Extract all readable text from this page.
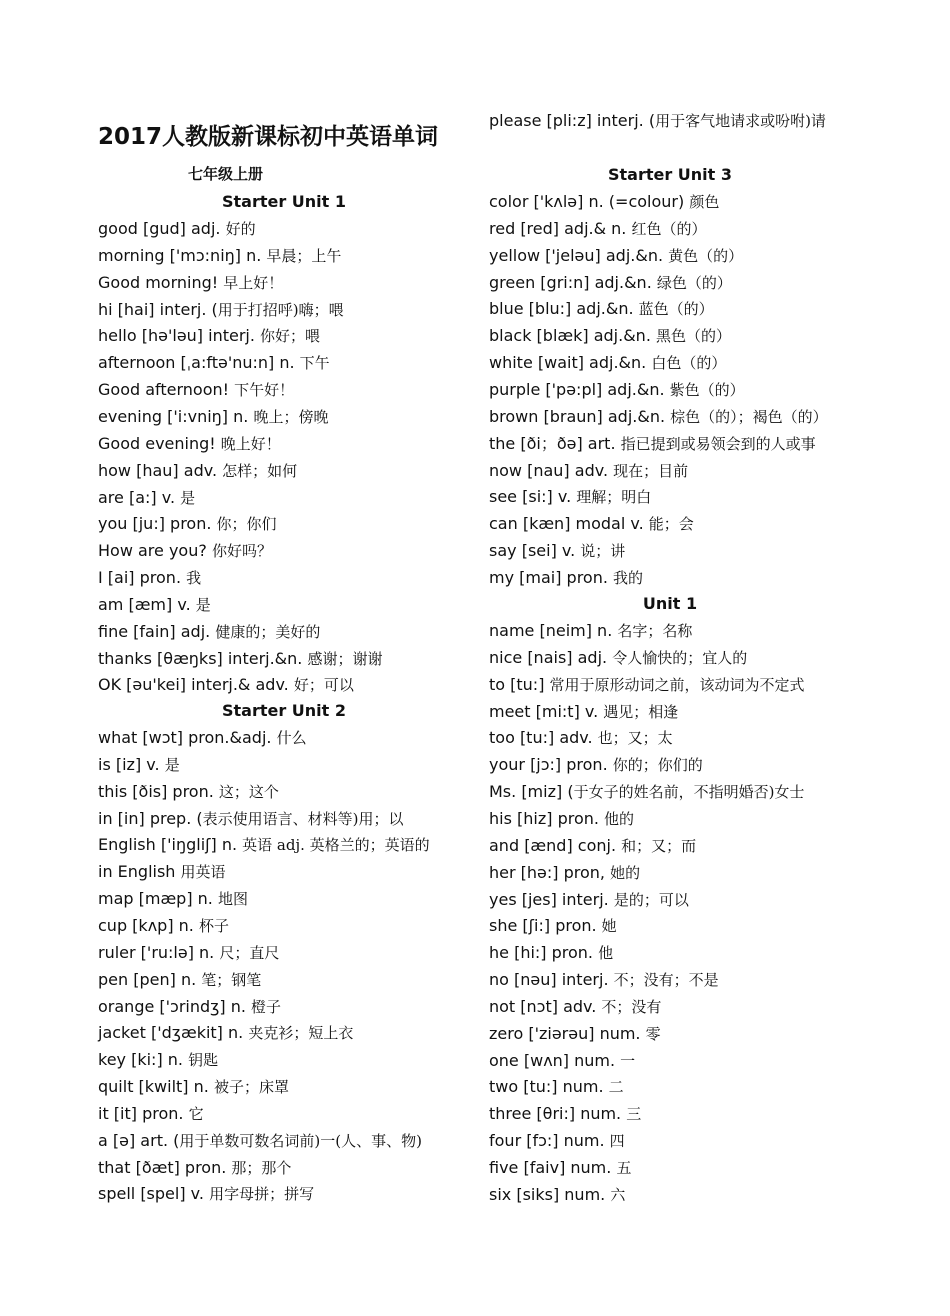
2017人教版新课标初中英语单词
七年级上册
Starter Unit 1
good [gud] adj. 好的
morning ['mɔ:niŋ] n. 早晨；上午
Good morning! 早上好！
hi [hai] interj. (用于打招呼)嗨；喂
hello [hə'ləu] interj. 你好；喂
afternoon [ˌa:ftə'nu:n] n. 下午
Good afternoon! 下午好！
evening ['i:vniŋ] n. 晚上；傍晚
Good evening! 晚上好！
how [hau] adv. 怎样；如何
are [a:] v. 是
you [ju:] pron. 你；你们
How are you? 你好吗？
I [ai] pron. 我
am [æm] v. 是
fine [fain] adj. 健康的；美好的
thanks [θæŋks] interj.&n. 感谢；谢谢
OK [əu'kei] interj.& adv. 好；可以
Starter Unit 2
what [wɔt] pron.&adj. 什么
is [iz] v. 是
this [ðis] pron. 这；这个
in [in] prep. (表示使用语言、材料等)用；以
English ['iŋgliʃ] n. 英语 adj. 英格兰的；英语的
in English 用英语
map [mæp] n. 地图
cup [kʌp] n. 杯子
ruler ['ru:lə] n. 尺；直尺
pen [pen] n. 笔；钢笔
orange ['ɔrindʒ] n. 橙子
jacket ['dʒækit] n. 夹克衫；短上衣
key [ki:] n. 钥匙
quilt [kwilt] n. 被子；床罩
it [it] pron. 它
a [ə] art. (用于单数可数名词前)一(人、事、物)
that [ðæt] pron. 那；那个
spell [spel] v. 用字母拼；拼写
please [pli:z] interj. (用于客气地请求或吩咐)请
Starter Unit 3
color ['kʌlə] n. (=colour) 颜色
red [red] adj.& n. 红色（的）
yellow ['jeləu] adj.&n. 黄色（的）
green [gri:n] adj.&n. 绿色（的）
blue [blu:] adj.&n. 蓝色（的）
black [blæk] adj.&n. 黑色（的）
white [wait] adj.&n. 白色（的）
purple ['pə:pl] adj.&n. 紫色（的）
brown [braun] adj.&n. 棕色（的）；褐色（的）
the [ði；ðə] art. 指已提到或易领会到的人或事
now [nau] adv. 现在；目前
see [si:] v. 理解；明白
can [kæn] modal v. 能；会
say [sei] v. 说；讲
my [mai] pron. 我的
Unit 1
name [neim] n. 名字；名称
nice [nais] adj. 令人愉快的；宜人的
to [tu:] 常用于原形动词之前，该动词为不定式
meet [mi:t] v. 遇见；相逢
too [tu:] adv. 也；又；太
your [jɔ:] pron. 你的；你们的
Ms. [miz] (于女子的姓名前，不指明婚否)女士
his [hiz] pron. 他的
and [ænd] conj. 和；又；而
her [hə:] pron, 她的
yes [jes] interj. 是的；可以
she [ʃi:] pron. 她
he [hi:] pron. 他
no [nəu] interj. 不；没有；不是
not [nɔt] adv. 不；没有
zero ['ziərəu] num. 零
one [wʌn] num. 一
two [tu:] num. 二
three [θri:] num. 三
four [fɔ:] num. 四
five [faiv] num. 五
six [siks] num. 六
